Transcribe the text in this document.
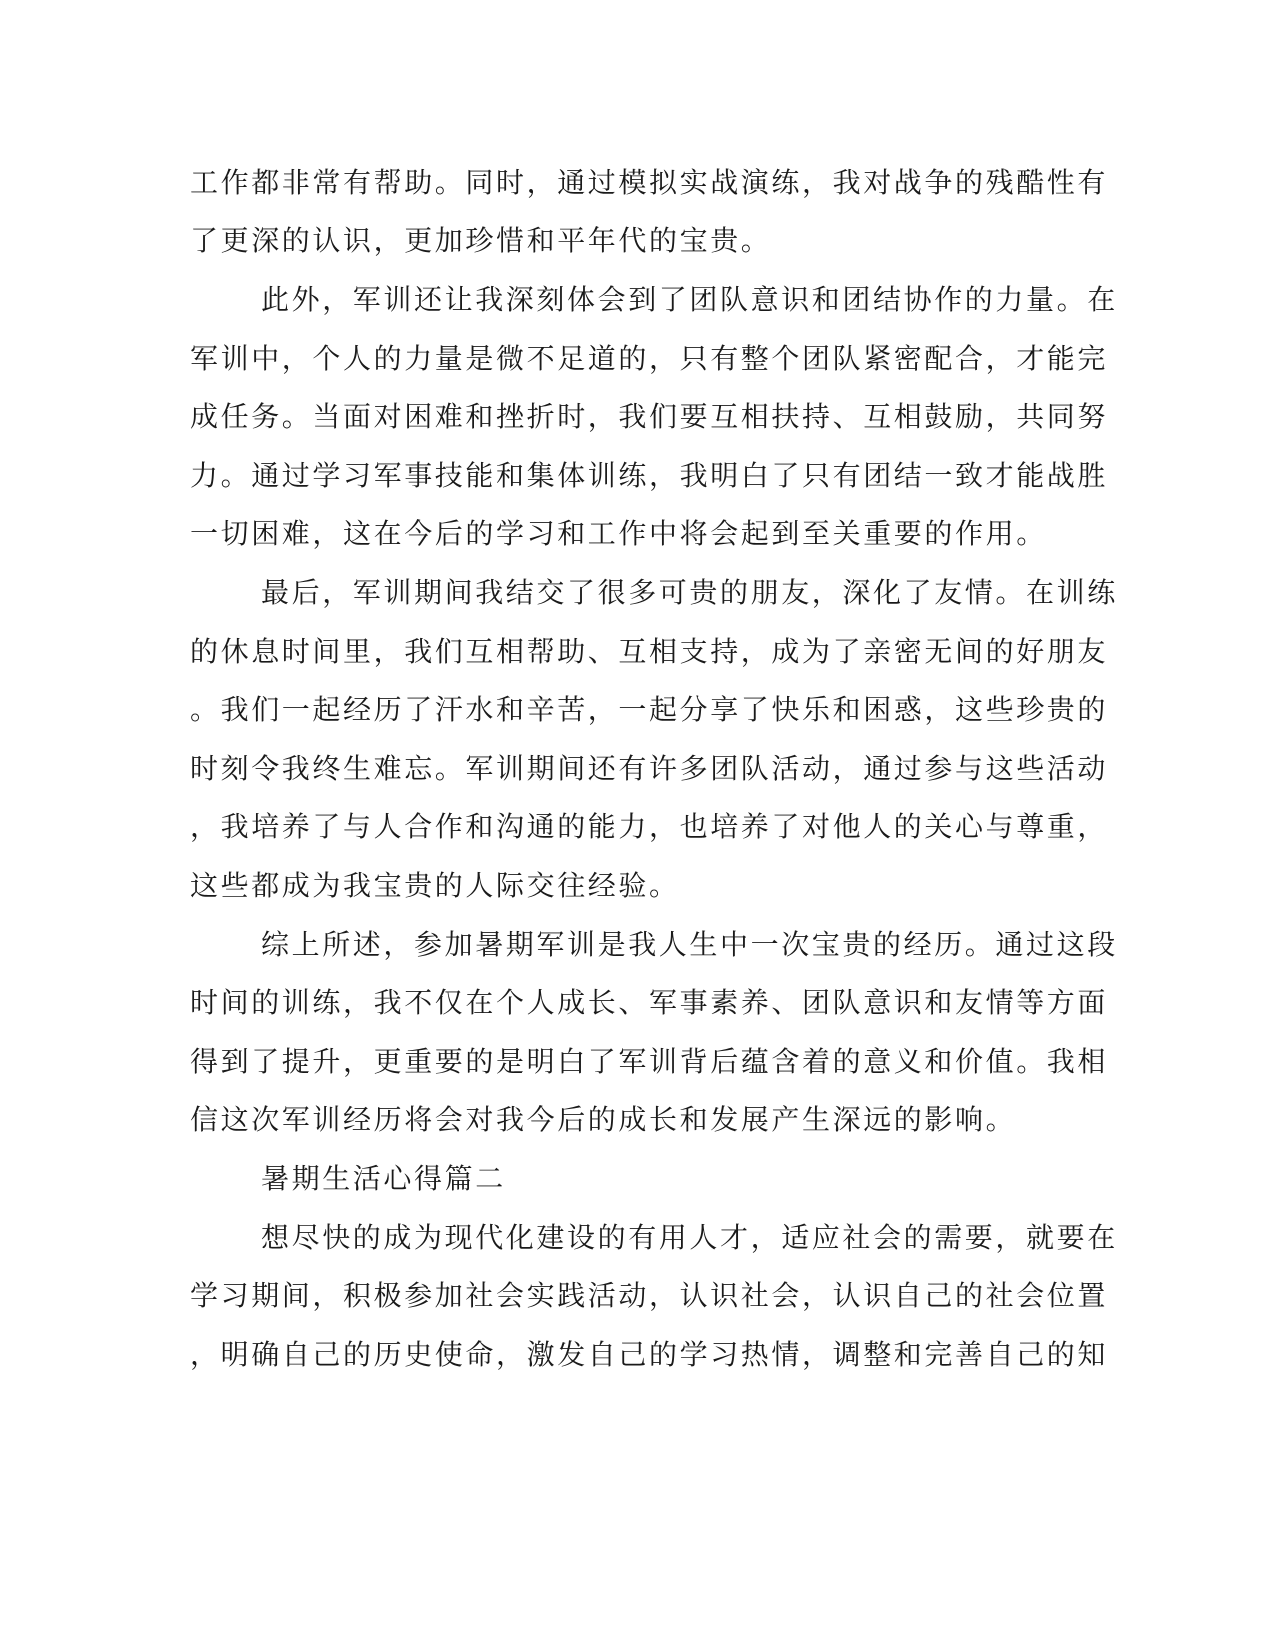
工作都非常有帮助。同时，通过模拟实战演练，我对战争的残酷性有
了更深的认识，更加珍惜和平年代的宝贵。
此外，军训还让我深刻体会到了团队意识和团结协作的力量。在
军训中，个人的力量是微不足道的，只有整个团队紧密配合，才能完
成任务。当面对困难和挫折时，我们要互相扶持、互相鼓励，共同努
力。通过学习军事技能和集体训练，我明白了只有团结一致才能战胜
一切困难，这在今后的学习和工作中将会起到至关重要的作用。
最后，军训期间我结交了很多可贵的朋友，深化了友情。在训练
的休息时间里，我们互相帮助、互相支持，成为了亲密无间的好朋友
。我们一起经历了汗水和辛苦，一起分享了快乐和困惑，这些珍贵的
时刻令我终生难忘。军训期间还有许多团队活动，通过参与这些活动
，我培养了与人合作和沟通的能力，也培养了对他人的关心与尊重，
这些都成为我宝贵的人际交往经验。
综上所述，参加暑期军训是我人生中一次宝贵的经历。通过这段
时间的训练，我不仅在个人成长、军事素养、团队意识和友情等方面
得到了提升，更重要的是明白了军训背后蕴含着的意义和价值。我相
信这次军训经历将会对我今后的成长和发展产生深远的影响。
暑期生活心得篇二
想尽快的成为现代化建设的有用人才，适应社会的需要，就要在
学习期间，积极参加社会实践活动，认识社会，认识自己的社会位置
，明确自己的历史使命，激发自己的学习热情，调整和完善自己的知
